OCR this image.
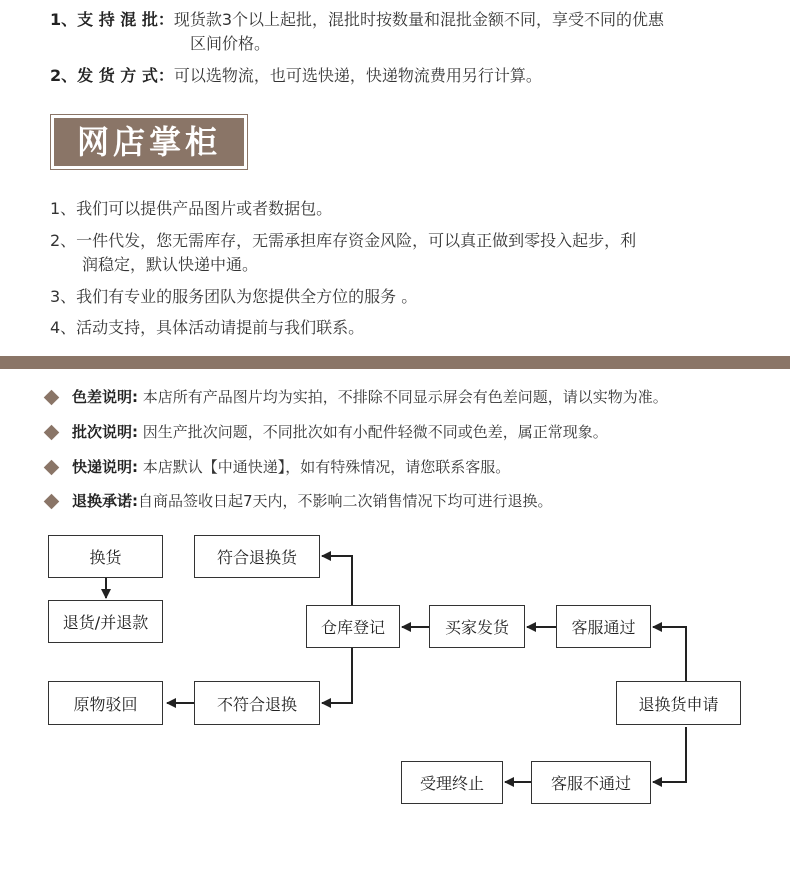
1、支 持 混 批：现货款3个以上起批，混批时按数量和混批金额不同，享受不同的优惠
区间价格。
2、发 货 方 式：可以选物流，也可选快递，快递物流费用另行计算。
网店掌柜
1、我们可以提供产品图片或者数据包。
2、一件代发，您无需库存，无需承担库存资金风险，可以真正做到零投入起步，利
润稳定，默认快递中通。
3、我们有专业的服务团队为您提供全方位的服务 。
4、活动支持，具体活动请提前与我们联系。
色差说明: 本店所有产品图片均为实拍，不排除不同显示屏会有色差问题，请以实物为准。
批次说明: 因生产批次问题，不同批次如有小配件轻微不同或色差，属正常现象。
快递说明: 本店默认【中通快递】，如有特殊情况，请您联系客服。
退换承诺:自商品签收日起7天内，不影响二次销售情况下均可进行退换。
换货
退货/并退款
原物驳回
符合退换货
不符合退换
仓库登记	买家发货	客服通过
退换货申请
受理终止	客服不通过
